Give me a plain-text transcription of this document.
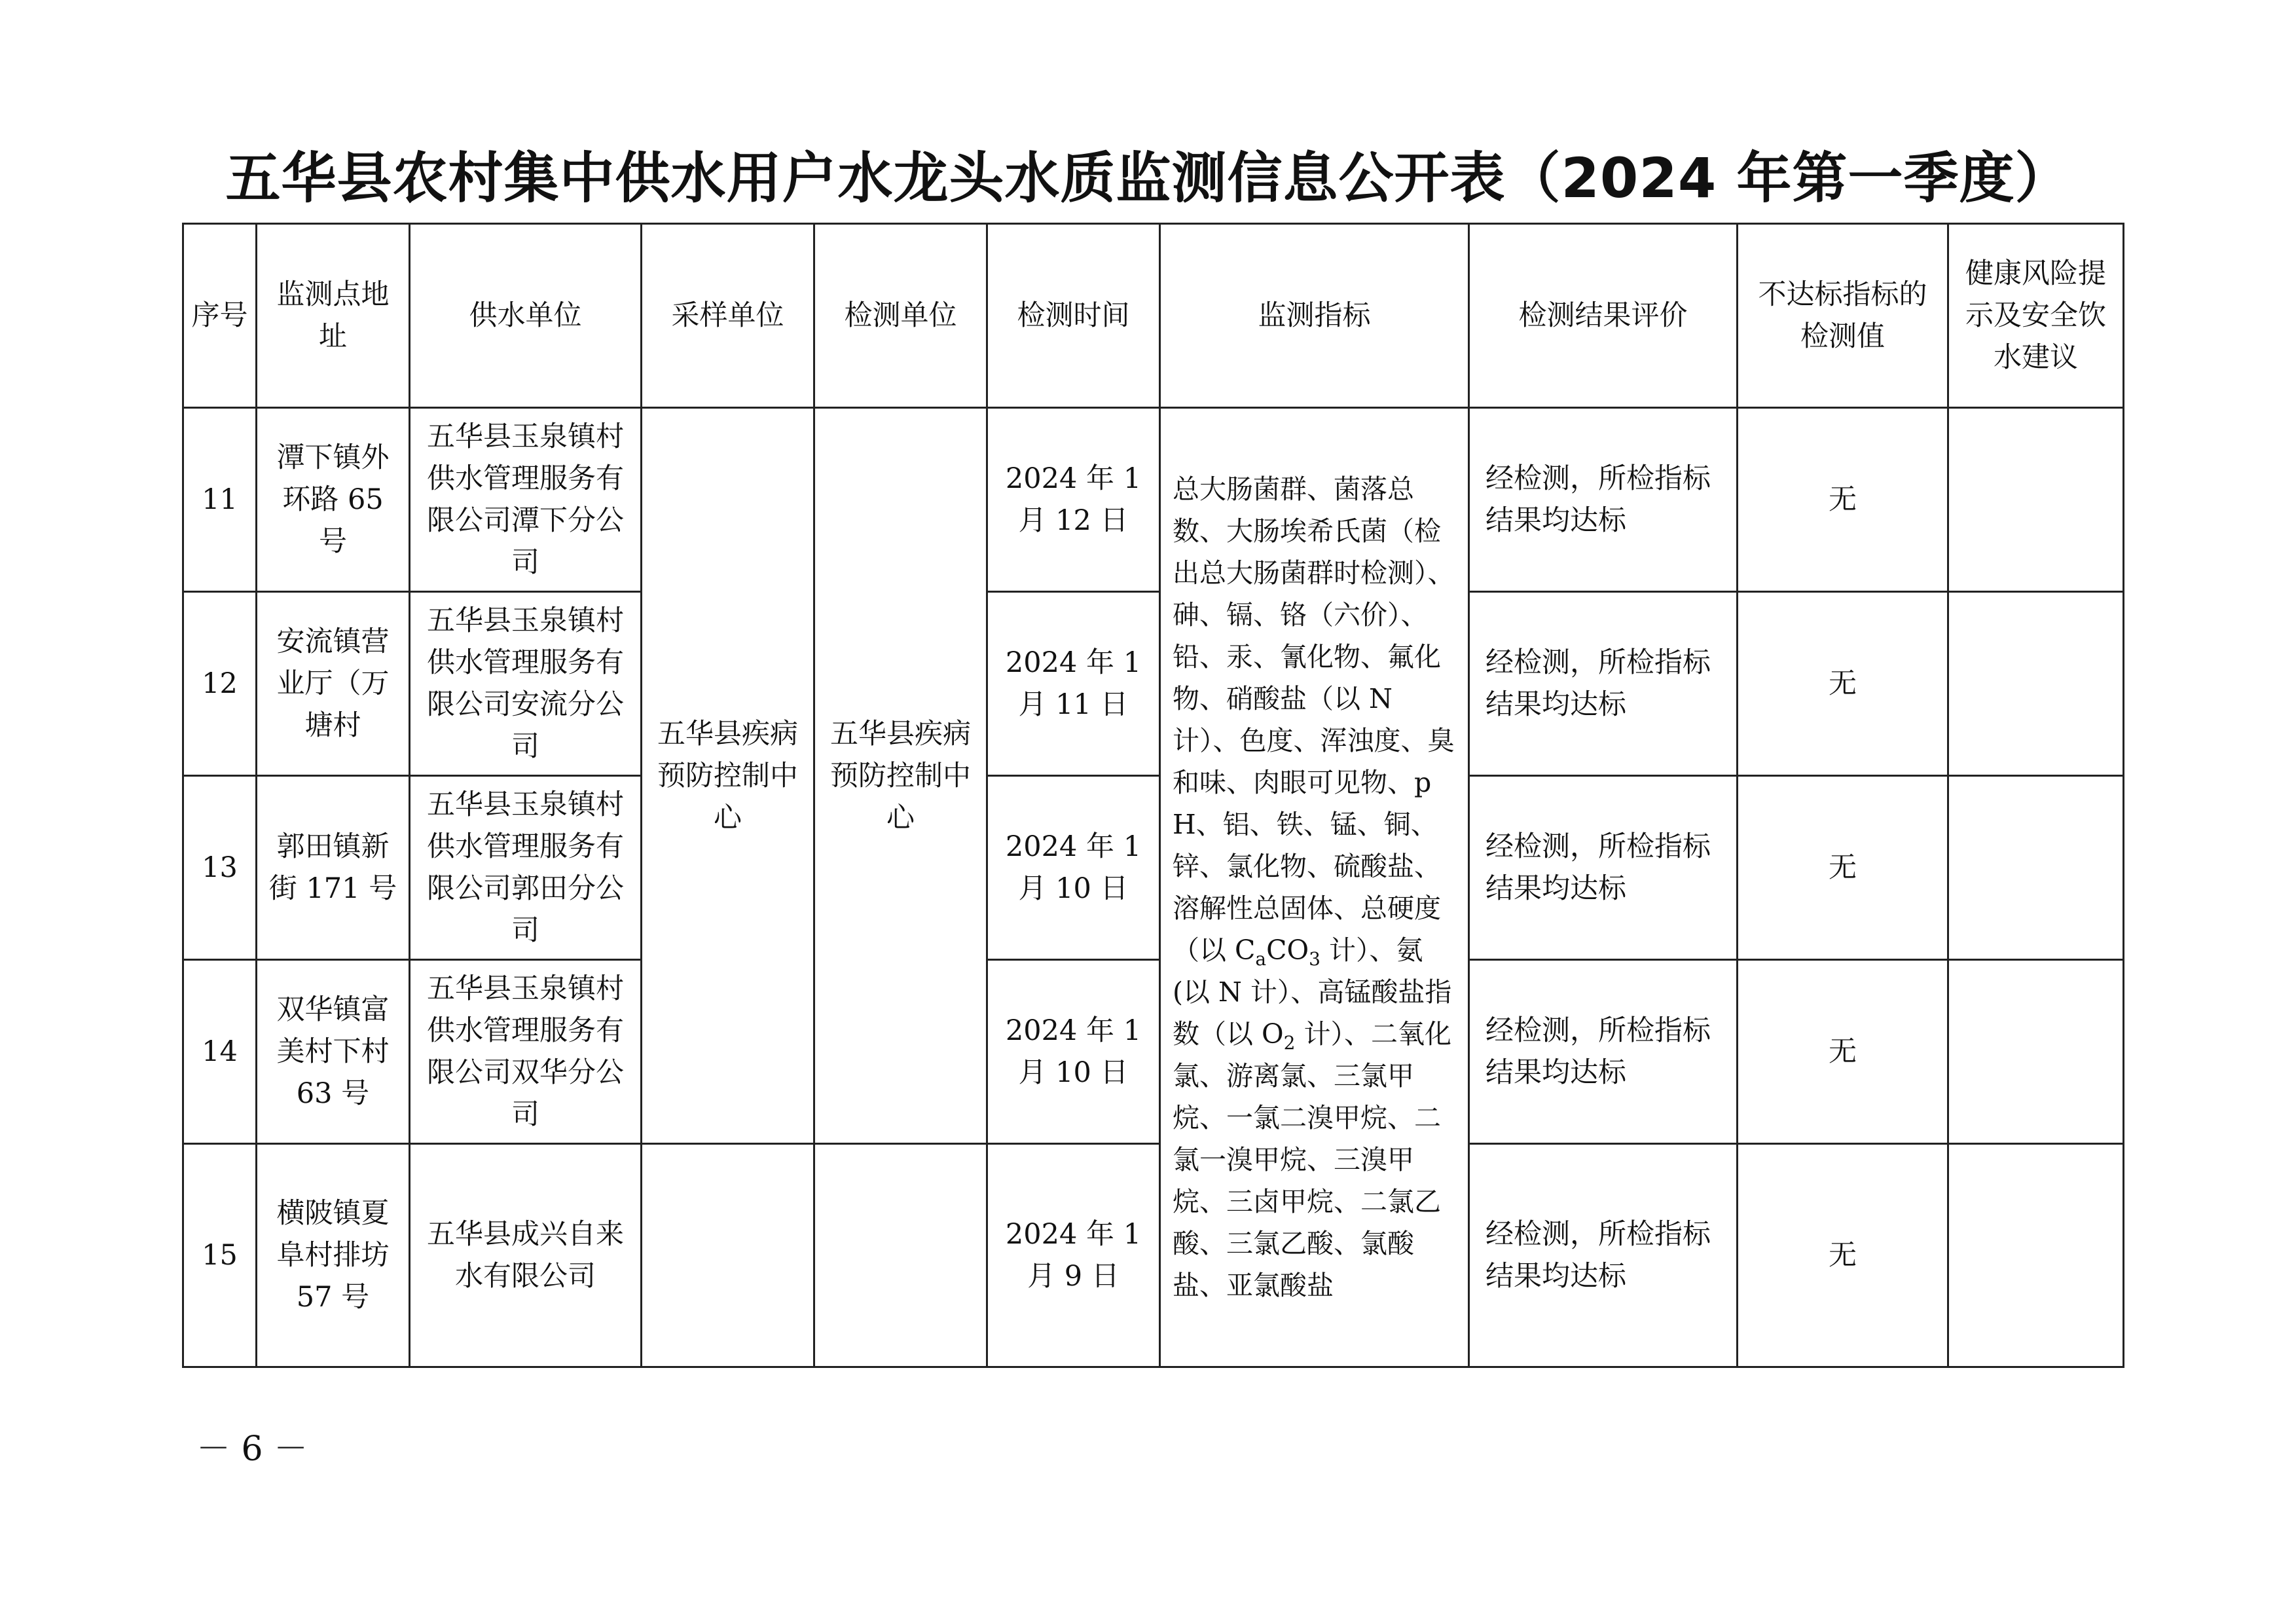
五华县农村集中供水用户水龙头水质监测信息公开表（2024 年第一季度）
序号	监测点地址	供水单位	采样单位	检测单位	检测时间	监测指标	检测结果评价	不达标指标的检测值	健康风险提示及安全饮水建议
11	潭下镇外环路 65 号	五华县玉泉镇村供水管理服务有限公司潭下分公司	五华县疾病预防控制中心	五华县疾病预防控制中心	2024 年 1 月 12 日	总大肠菌群、菌落总数、大肠埃希氏菌（检出总大肠菌群时检测）、砷、镉、铬（六价）、铅、汞、氰化物、氟化物、硝酸盐（以 N 计）、色度、浑浊度、臭和味、肉眼可见物、pH、铝、铁、锰、铜、锌、氯化物、硫酸盐、溶解性总固体、总硬度（以 $C_aCO_3$ 计）、氨(以 N 计）、高锰酸盐指数（以 $O_2$ 计）、二氧化氯、游离氯、三氯甲烷、一氯二溴甲烷、二氯一溴甲烷、三溴甲烷、三卤甲烷、二氯乙酸、三氯乙酸、氯酸盐、亚氯酸盐	经检测，所检指标结果均达标	无	
12	安流镇营业厅（万塘村	五华县玉泉镇村供水管理服务有限公司安流分公司			2024 年 1 月 11 日		经检测，所检指标结果均达标	无	
13	郭田镇新街 171 号	五华县玉泉镇村供水管理服务有限公司郭田分公司			2024 年 1 月 10 日		经检测，所检指标结果均达标	无	
14	双华镇富美村下村 63 号	五华县玉泉镇村供水管理服务有限公司双华分公司			2024 年 1 月 10 日		经检测，所检指标结果均达标	无	
15	横陂镇夏阜村排坊 57 号	五华县成兴自来水有限公司			2024 年 1 月 9 日		经检测，所检指标结果均达标	无	
－ 6 －
